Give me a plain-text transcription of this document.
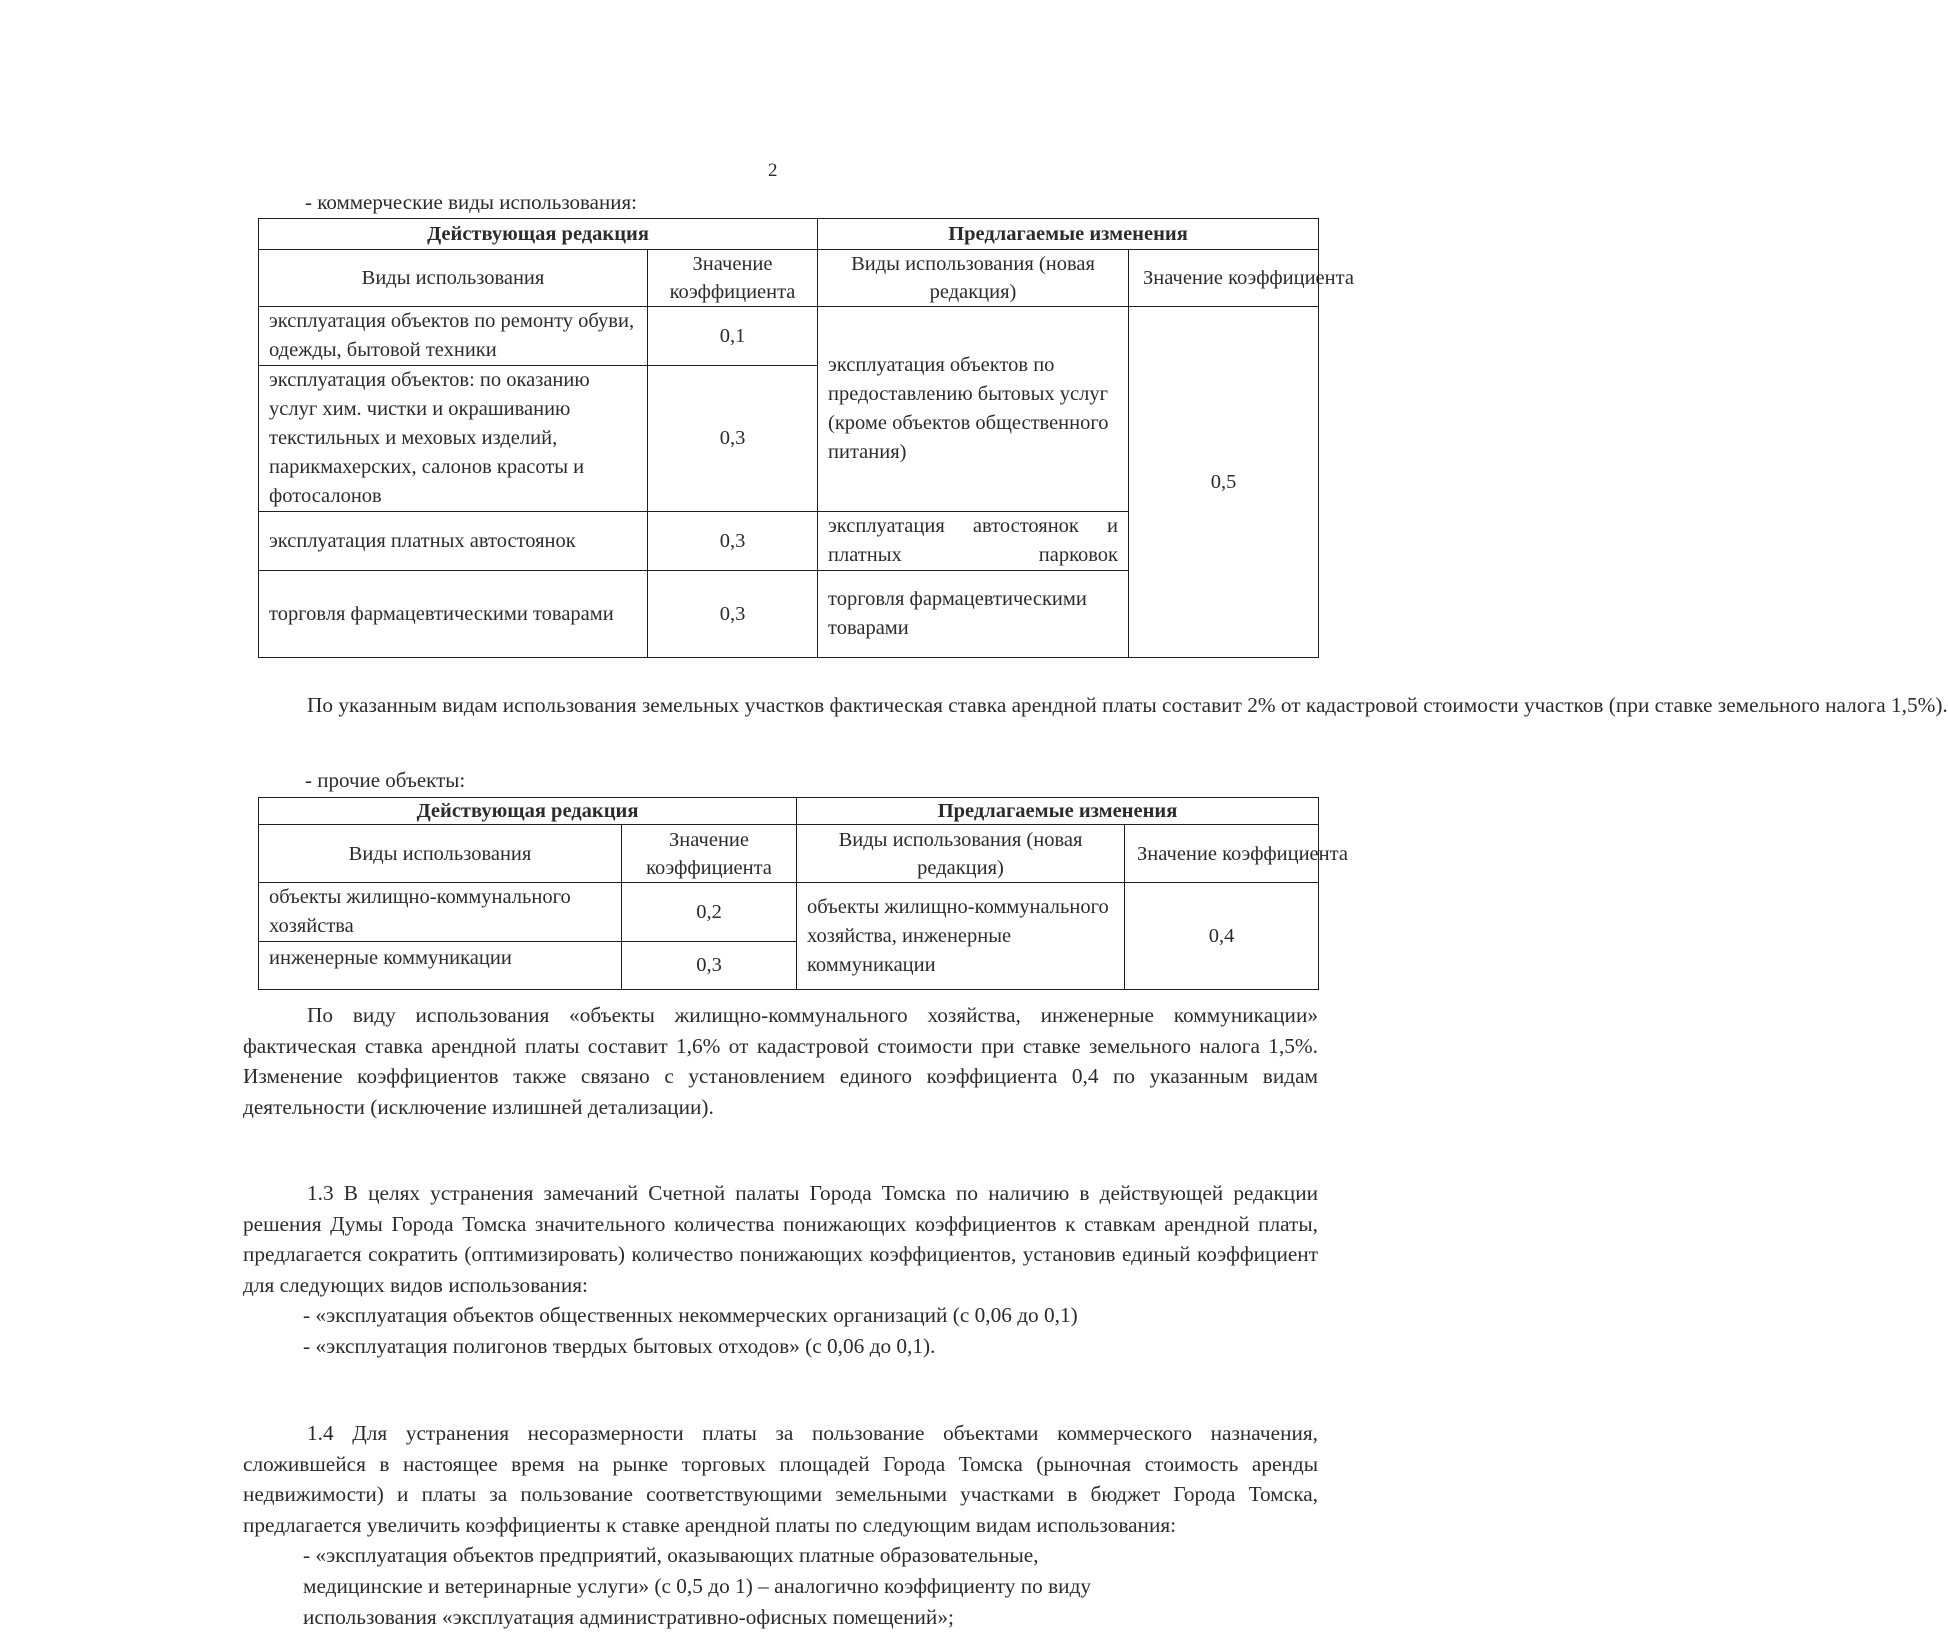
2
- коммерческие виды использования:
Действующая редакция		Предлагаемые изменения	
Виды использования	Значение коэффициента	Виды использования (новая редакция)	Значение коэффициента
эксплуатация объектов по ремонту обуви, одежды, бытовой техники	0,1	эксплуатация объектов по предоставлению бытовых услуг (кроме объектов общественного питания)	0,5
эксплуатация объектов: по оказанию услуг хим. чистки и окрашиванию текстильных и меховых изделий, парикмахерских, салонов красоты и фотосалонов	0,3		
эксплуатация платных автостоянок	0,3	эксплуатация автостоянок и платных парковок	
торговля фармацевтическими товарами	0,3	торговля фармацевтическими товарами	

По указанным видам использования земельных участков фактическая ставка арендной платы составит 2% от кадастровой стоимости участков (при ставке земельного налога 1,5%).

- прочие объекты:
Действующая редакция		Предлагаемые изменения	
Виды использования	Значение коэффициента	Виды использования (новая редакция)	Значение коэффициента
объекты жилищно-коммунального хозяйства	0,2	объекты жилищно-коммунального хозяйства, инженерные коммуникации	0,4
инженерные коммуникации	0,3		

По виду использования «объекты жилищно-коммунального хозяйства, инженерные коммуникации» фактическая ставка арендной платы составит 1,6% от кадастровой стоимости при ставке земельного налога 1,5%. Изменение коэффициентов также связано с установлением единого коэффициента 0,4 по указанным видам деятельности (исключение излишней детализации).

1.3 В целях устранения замечаний Счетной палаты Города Томска по наличию в действующей редакции решения Думы Города Томска значительного количества понижающих коэффициентов к ставкам арендной платы, предлагается сократить (оптимизировать) количество понижающих коэффициентов, установив единый коэффициент для следующих видов использования:

- «эксплуатация объектов общественных некоммерческих организаций (с 0,06 до 0,1)

- «эксплуатация полигонов твердых бытовых отходов» (с 0,06 до 0,1).

1.4 Для устранения несоразмерности платы за пользование объектами коммерческого назначения, сложившейся в настоящее время на рынке торговых площадей Города Томска (рыночная стоимость аренды недвижимости) и платы за пользование соответствующими земельными участками в бюджет Города Томска, предлагается увеличить коэффициенты к ставке арендной платы по следующим видам использования:

- «эксплуатация объектов предприятий, оказывающих платные образовательные,

медицинские и ветеринарные услуги» (с 0,5 до 1) – аналогично коэффициенту по виду

использования «эксплуатация административно-офисных помещений»;
